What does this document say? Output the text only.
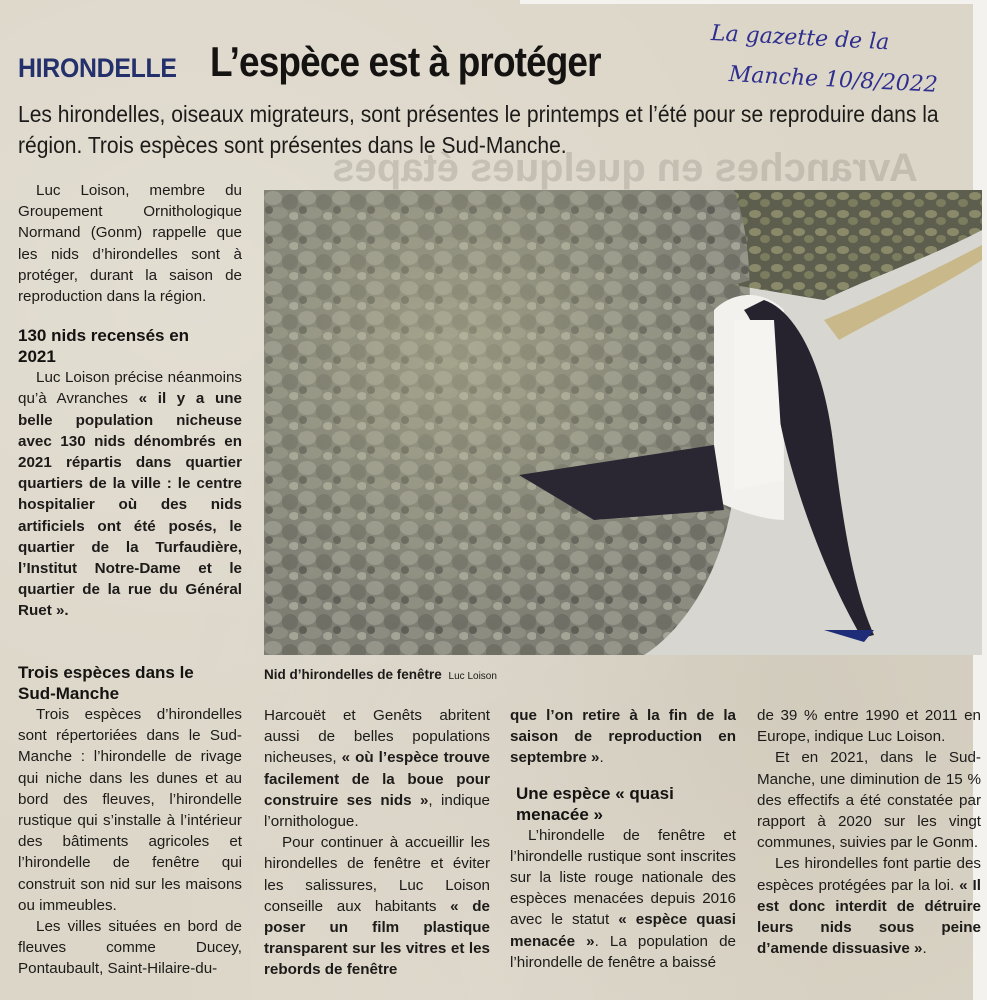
Avranches en quelques étapes
HIRONDELLE L’espèce est à protéger	La gazette de la
Manche 10/8/2022

Les hirondelles, oiseaux migrateurs, sont présentes le printemps et l’été pour se reproduire dans la région. Trois espèces sont présentes dans le Sud-Manche.

Luc Loison, membre du Groupement Ornithologique Normand (Gonm) rappelle que les nids d’hirondelles sont à protéger, durant la saison de reproduction dans la région.

130 nids recensés en 2021

Luc Loison précise néanmoins qu’à Avranches « il y a une belle population nicheuse avec 130 nids dénombrés en 2021 répartis dans quartier quartiers de la ville : le centre hospitalier où des nids artificiels ont été posés, le quartier de la Turfaudière, l’Institut Notre-Dame et le quartier de la rue du Général Ruet ».

Nid d’hirondelles de fenêtre Luc Loison
Trois espèces dans le Sud-Manche

Trois espèces d’hirondelles sont répertoriées dans le Sud-Manche : l’hirondelle de rivage qui niche dans les dunes et au bord des fleuves, l’hirondelle rustique qui s’installe à l’intérieur des bâtiments agricoles et l’hirondelle de fenêtre qui construit son nid sur les maisons ou immeubles.

Les villes situées en bord de fleuves comme Ducey, Pontaubault, Saint-Hilaire-du-

Harcouët et Genêts abritent aussi de belles populations nicheuses, « où l’espèce trouve facilement de la boue pour construire ses nids », indique l’ornithologue.

Pour continuer à accueillir les hirondelles de fenêtre et éviter les salissures, Luc Loison conseille aux habitants « de poser un film plastique transparent sur les vitres et les rebords de fenêtre

que l’on retire à la fin de la saison de reproduction en septembre ».

Une espèce « quasi menacée »

L’hirondelle de fenêtre et l’hirondelle rustique sont inscrites sur la liste rouge nationale des espèces menacées depuis 2016 avec le statut « espèce quasi menacée ». La population de l’hirondelle de fenêtre a baissé

de 39 % entre 1990 et 2011 en Europe, indique Luc Loison.

Et en 2021, dans le Sud-Manche, une diminution de 15 % des effectifs a été constatée par rapport à 2020 sur les vingt communes, suivies par le Gonm.

Les hirondelles font partie des espèces protégées par la loi. « Il est donc interdit de détruire leurs nids sous peine d’amende dissuasive ».
